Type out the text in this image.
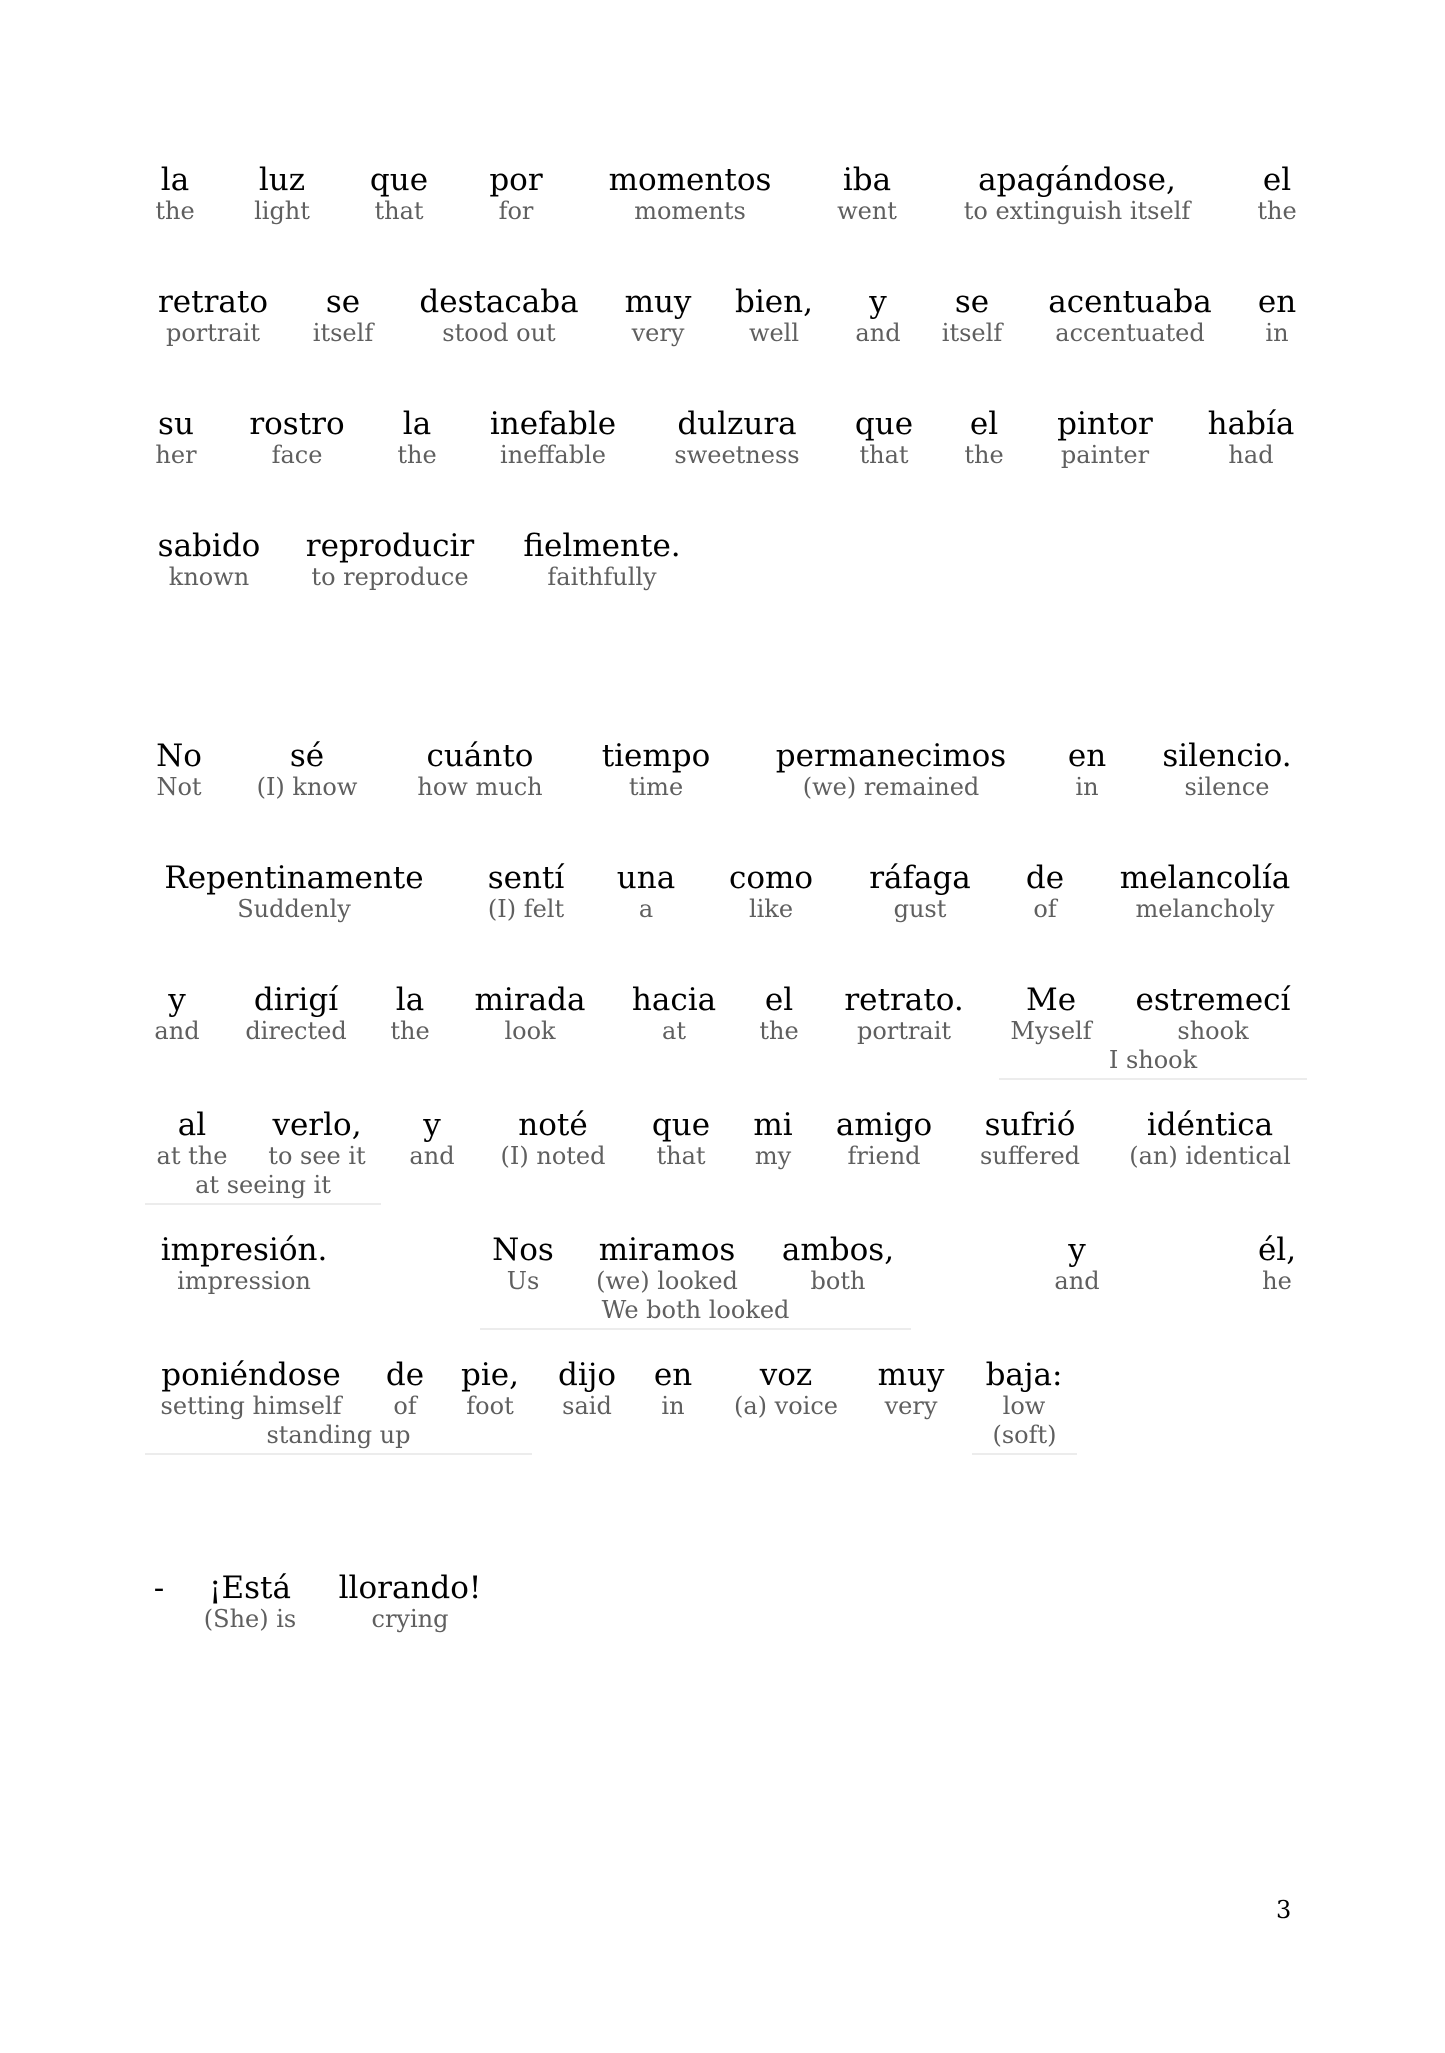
la
the
luz
light
que
that
por
for
momentos
moments
iba
went
apagándose,
to extinguish itself
el
the
retrato
portrait
se
itself
destacaba
stood out
muy
very
bien,
well
y
and
se
itself
acentuaba
accentuated
en
in
su
her
rostro
face
la
the
inefable
ineffable
dulzura
sweetness
que
that
el
the
pintor
painter
había
had
sabido
known
reproducir
to reproduce
fielmente.
faithfully
No
Not
sé
(I) know
cuánto
how much
tiempo
time
permanecimos
(we) remained
en
in
silencio.
silence
Repentinamente
Suddenly
sentí
(I) felt
una
a
como
like
ráfaga
gust
de
of
melancolía
melancholy
y
and
dirigí
directed
la
the
mirada
look
hacia
at
el
the
retrato.
portrait
Me
Myself
estremecí
shook
I shook
al
at the
verlo,
to see it
y
and
noté
(I) noted
que
that
mi
my
amigo
friend
sufrió
suffered
idéntica
(an) identical
at seeing it
impresión.
impression
Nos
Us
miramos
(we) looked
ambos,
both
y
and
él,
he
We both looked
poniéndose
setting himself
de
of
pie,
foot
dijo
said
en
in
voz
(a) voice
muy
very
baja:
low
standing up	(soft)
- ¡Está
(She) is
llorando!
crying
3
